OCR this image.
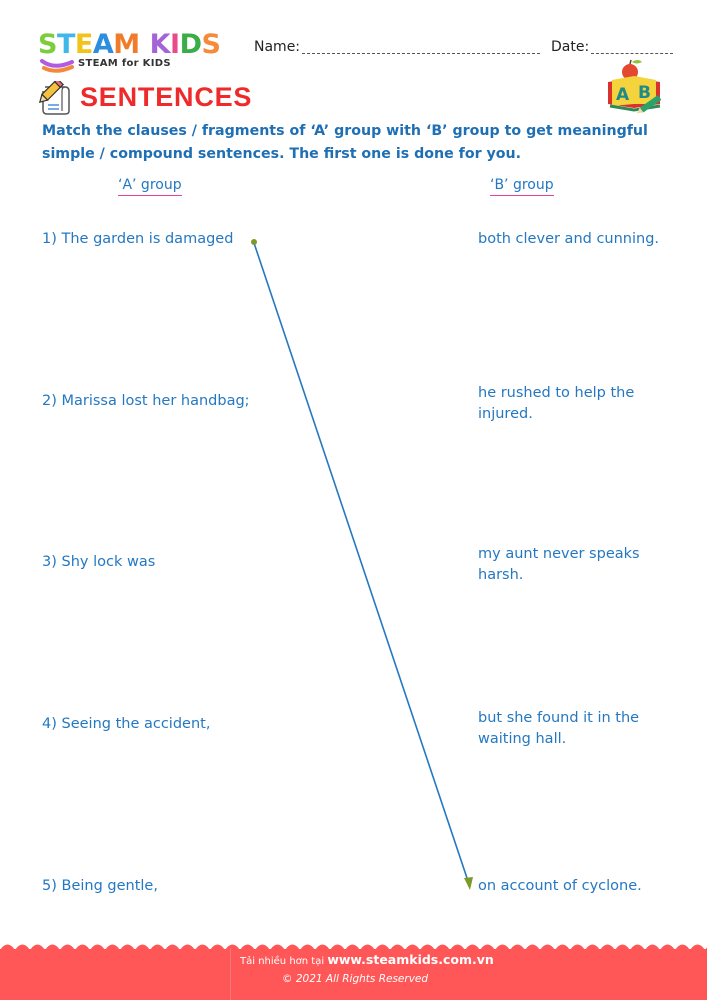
STEAM KIDS
STEAM for KIDS
Name:	Date:
SENTENCES	A B
Match the clauses / fragments of ‘A’ group with ‘B’ group to get meaningful simple / compound sentences. The first one is done for you.
‘A’ group	‘B’ group
1) The garden is damaged
2) Marissa lost her handbag;
3) Shy lock was
4) Seeing the accident,
5) Being gentle,
both clever and cunning.
he rushed to help the injured.
my aunt never speaks harsh.
but she found it in the waiting hall.
on account of cyclone.
Tải nhiều hơn tại www.steamkids.com.vn
© 2021 All Rights Reserved
